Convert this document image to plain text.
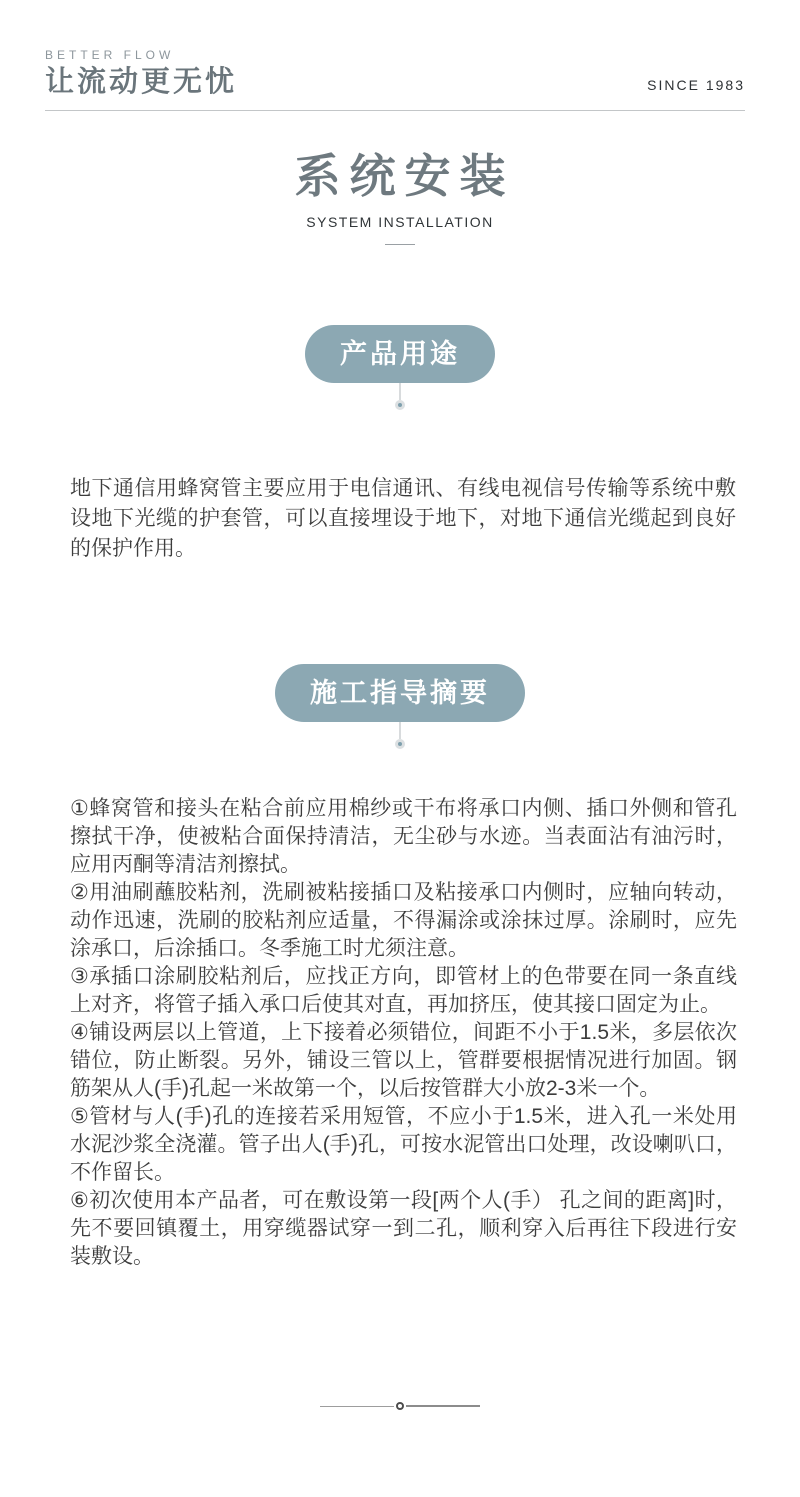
BETTER FLOW
让流动更无忧	SINCE 1983
系统安装
SYSTEM INSTALLATION
产品用途

地下通信用蜂窝管主要应用于电信通讯、有线电视信号传输等系统中敷设地下光缆的护套管，可以直接埋设于地下，对地下通信光缆起到良好的保护作用。

施工指导摘要

①蜂窝管和接头在粘合前应用棉纱或干布将承口内侧、插口外侧和管孔擦拭干净，使被粘合面保持清洁，无尘砂与水迹。当表面沾有油污时，应用丙酮等清洁剂擦拭。

②用油刷蘸胶粘剂，洗刷被粘接插口及粘接承口内侧时，应轴向转动，动作迅速，洗刷的胶粘剂应适量，不得漏涂或涂抹过厚。涂刷时，应先涂承口，后涂插口。冬季施工时尤须注意。

③承插口涂刷胶粘剂后，应找正方向，即管材上的色带要在同一条直线上对齐，将管子插入承口后使其对直，再加挤压，使其接口固定为止。

④铺设两层以上管道，上下接着必须错位，间距不小于1.5米，多层依次错位，防止断裂。另外，铺设三管以上，管群要根据情况进行加固。钢筋架从人(手)孔起一米故第一个，以后按管群大小放2-3米一个。

⑤管材与人(手)孔的连接若采用短管，不应小于1.5米，进入孔一米处用水泥沙浆全浇灌。管子出人(手)孔，可按水泥管出口处理，改设喇叭口，不作留长。

⑥初次使用本产品者，可在敷设第一段[两个人(手） 孔之间的距离]时，先不要回镇覆土，用穿缆器试穿一到二孔，顺利穿入后再往下段进行安装敷设。
